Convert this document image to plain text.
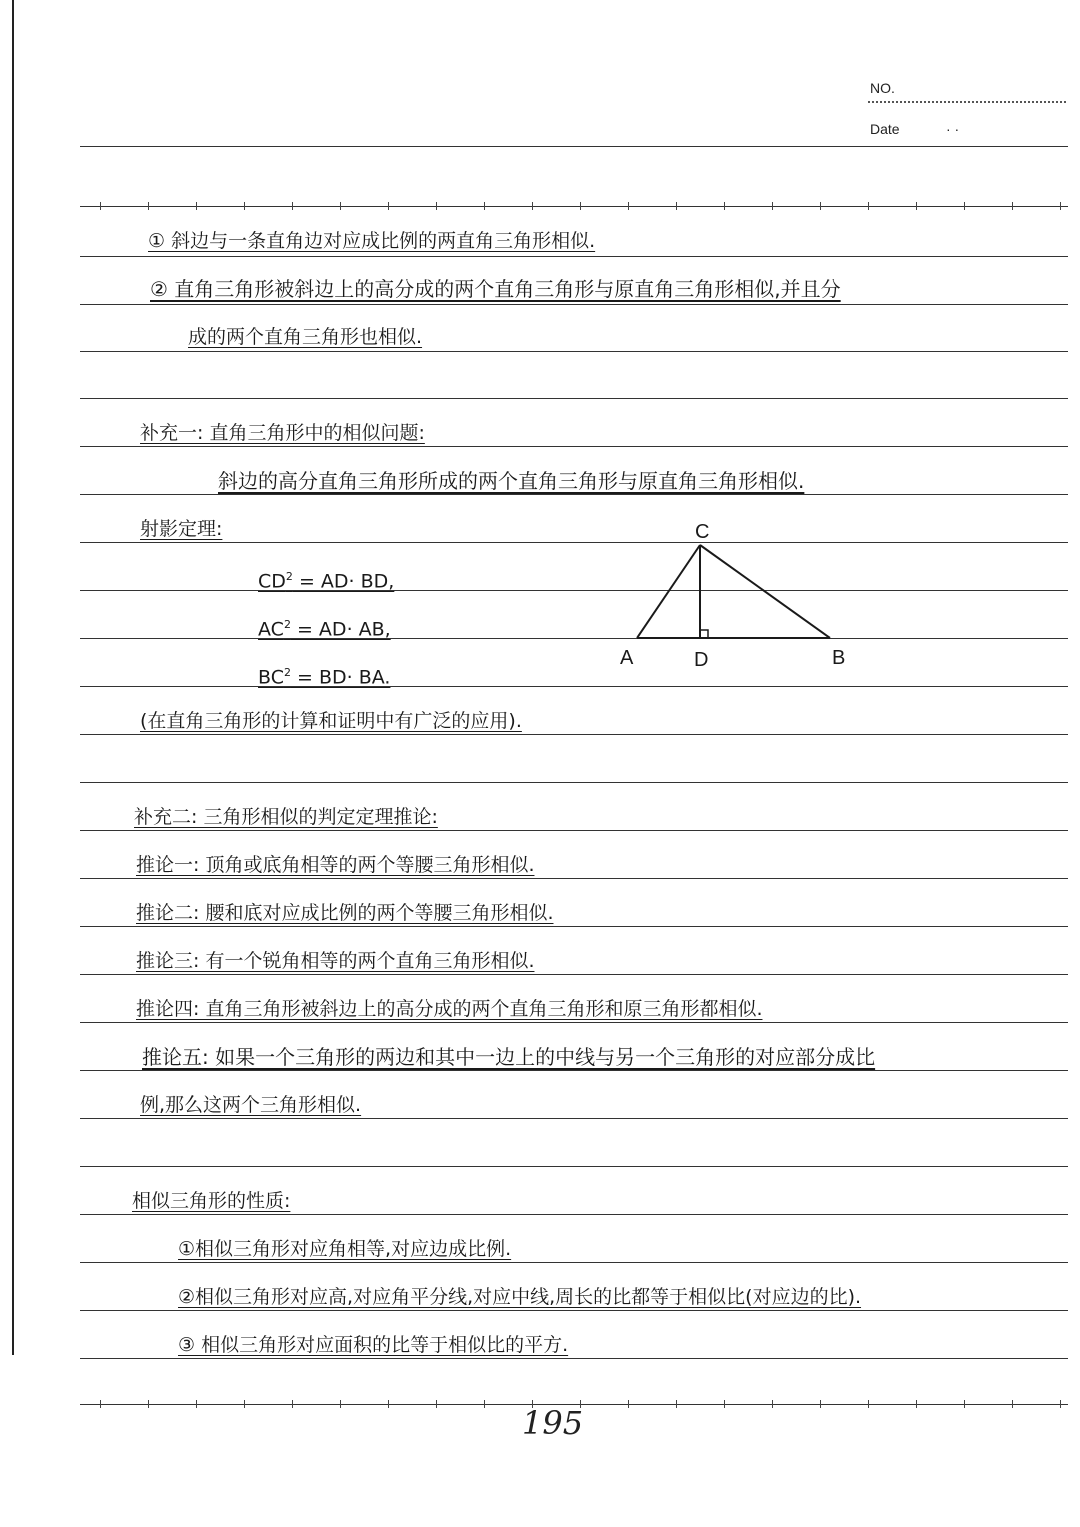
NO.
Date	· ·
① 斜边与一条直角边对应成比例的两直角三角形相似.
② 直角三角形被斜边上的高分成的两个直角三角形与原直角三角形相似,并且分
成的两个直角三角形也相似.
补充一: 直角三角形中的相似问题:
斜边的高分直角三角形所成的两个直角三角形与原直角三角形相似.
射影定理:
$CD^2 = AD\cdot$ BD,
$AC^2 = AD\cdot$ AB,
$BC^2 = BD\cdot$ BA.
(在直角三角形的计算和证明中有广泛的应用).
补充二: 三角形相似的判定定理推论:
推论一: 顶角或底角相等的两个等腰三角形相似.
推论二: 腰和底对应成比例的两个等腰三角形相似.
推论三: 有一个锐角相等的两个直角三角形相似.
推论四: 直角三角形被斜边上的高分成的两个直角三角形和原三角形都相似.
推论五: 如果一个三角形的两边和其中一边上的中线与另一个三角形的对应部分成比
例,那么这两个三角形相似.
相似三角形的性质:
①相似三角形对应角相等,对应边成比例.
②相似三角形对应高,对应角平分线,对应中线,周长的比都等于相似比(对应边的比).
③ 相似三角形对应面积的比等于相似比的平方.
C
A	D	B
195
